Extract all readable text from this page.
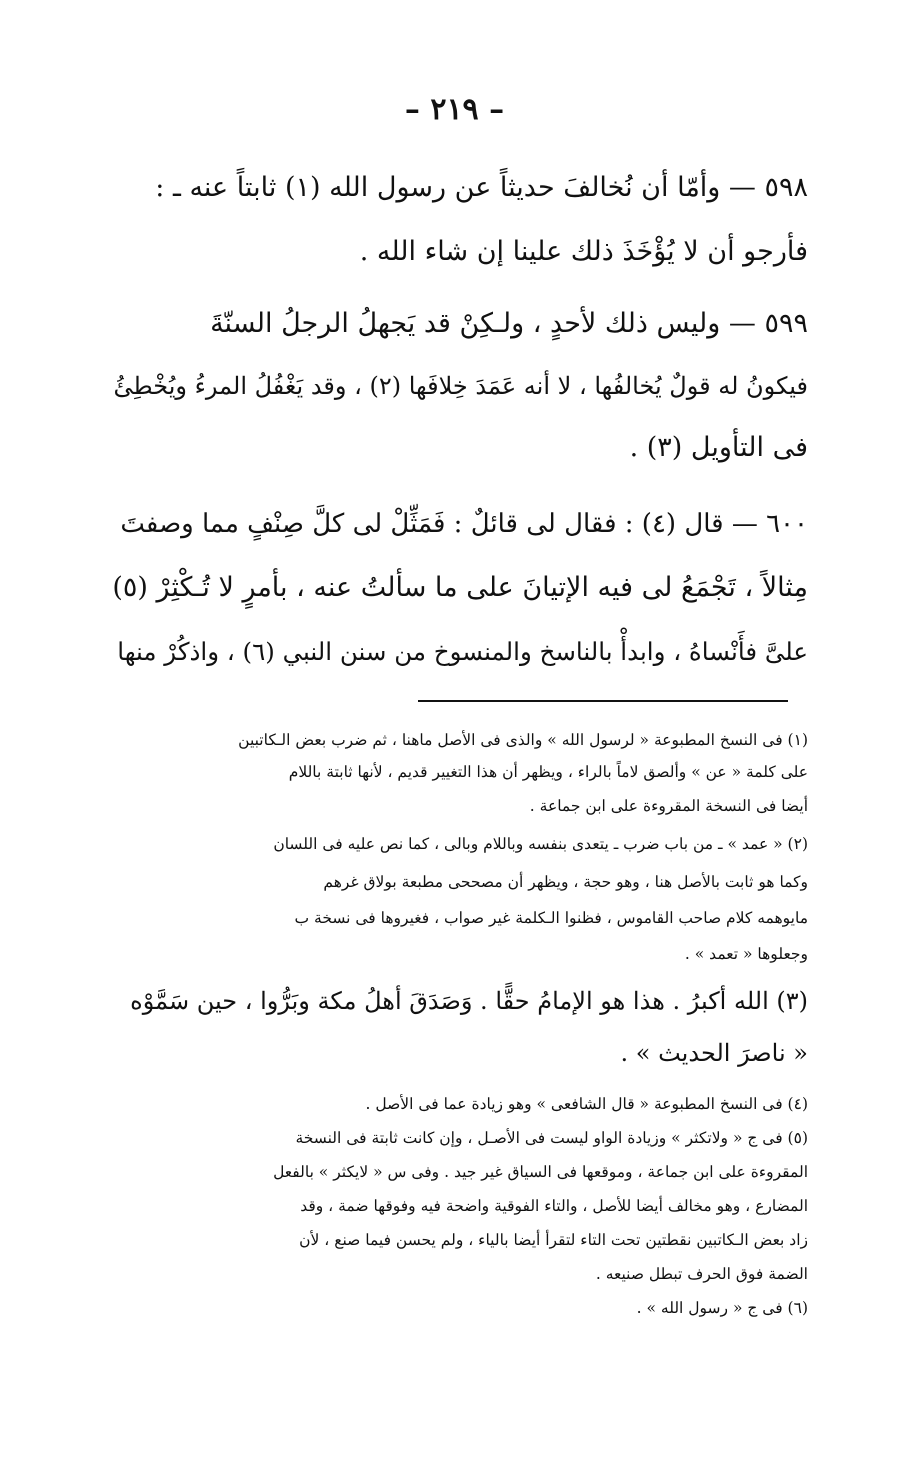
– ٢١٩ –
٥٩٨ — وأمّا أن نُخالفَ حديثاً عن رسول الله (١) ثابتاً عنه ـ :
فأرجو أن لا يُؤْخَذَ ذلك علينا إن شاء الله .
٥٩٩ — وليس ذلك لأحدٍ ، ولـكِنْ قد يَجهلُ الرجلُ السنّةَ
فيكونُ له قولٌ يُخالفُها ، لا أنه عَمَدَ خِلافَها (٢) ، وقد يَغْفُلُ المرءُ ويُخْطِئُ
فى التأويل (٣) .
٦٠٠ — قال (٤) : فقال لى قائلٌ : فَمَثِّلْ لى كلَّ صِنْفٍ مما وصفتَ
مِثالاً ، تَجْمَعُ لى فيه الإتيانَ على ما سألتُ عنه ، بأمرٍ لا تُـكْثِرْ (٥)
علىَّ فأَنْساهُ ، وابدأْ بالناسخ والمنسوخ من سنن النبي (٦) ، واذكُرْ منها
(١) فى النسخ المطبوعة « لرسول الله » والذى فى الأصل ماهنا ، ثم ضرب بعض الـكاتبين
على كلمة « عن » وألصق لاماً بالراء ، ويظهر أن هذا التغيير قديم ، لأنها ثابتة باللام
أيضا فى النسخة المقروءة على ابن جماعة .
(٢) « عمد » ـ من باب ضرب ـ يتعدى بنفسه وباللام وبالى ، كما نص عليه فى اللسان
وكما هو ثابت بالأصل هنا ، وهو حجة ، ويظهر أن مصححى مطبعة بولاق غرهم
مايوهمه كلام صاحب القاموس ، فظنوا الـكلمة غير صواب ، فغيروها فى نسخة ب
وجعلوها « تعمد » .
(٣) الله أكبرُ . هذا هو الإمامُ حقًّا . وَصَدَقَ أهلُ مكة وبَرُّوا ، حين سَمَّوْه
« ناصرَ الحديث » .
(٤) فى النسخ المطبوعة « قال الشافعى » وهو زيادة عما فى الأصل .
(٥) فى ج « ولاتكثر » وزيادة الواو ليست فى الأصـل ، وإن كانت ثابتة فى النسخة
المقروءة على ابن جماعة ، وموقعها فى السياق غير جيد . وفى س « لايكثر » بالفعل
المضارع ، وهو مخالف أيضا للأصل ، والتاء الفوقية واضحة فيه وفوقها ضمة ، وقد
زاد بعض الـكاتبين نقطتين تحت التاء لتقرأ أيضا بالياء ، ولم يحسن فيما صنع ، لأن
الضمة فوق الحرف تبطل صنيعه .
(٦) فى ج « رسول الله » .
